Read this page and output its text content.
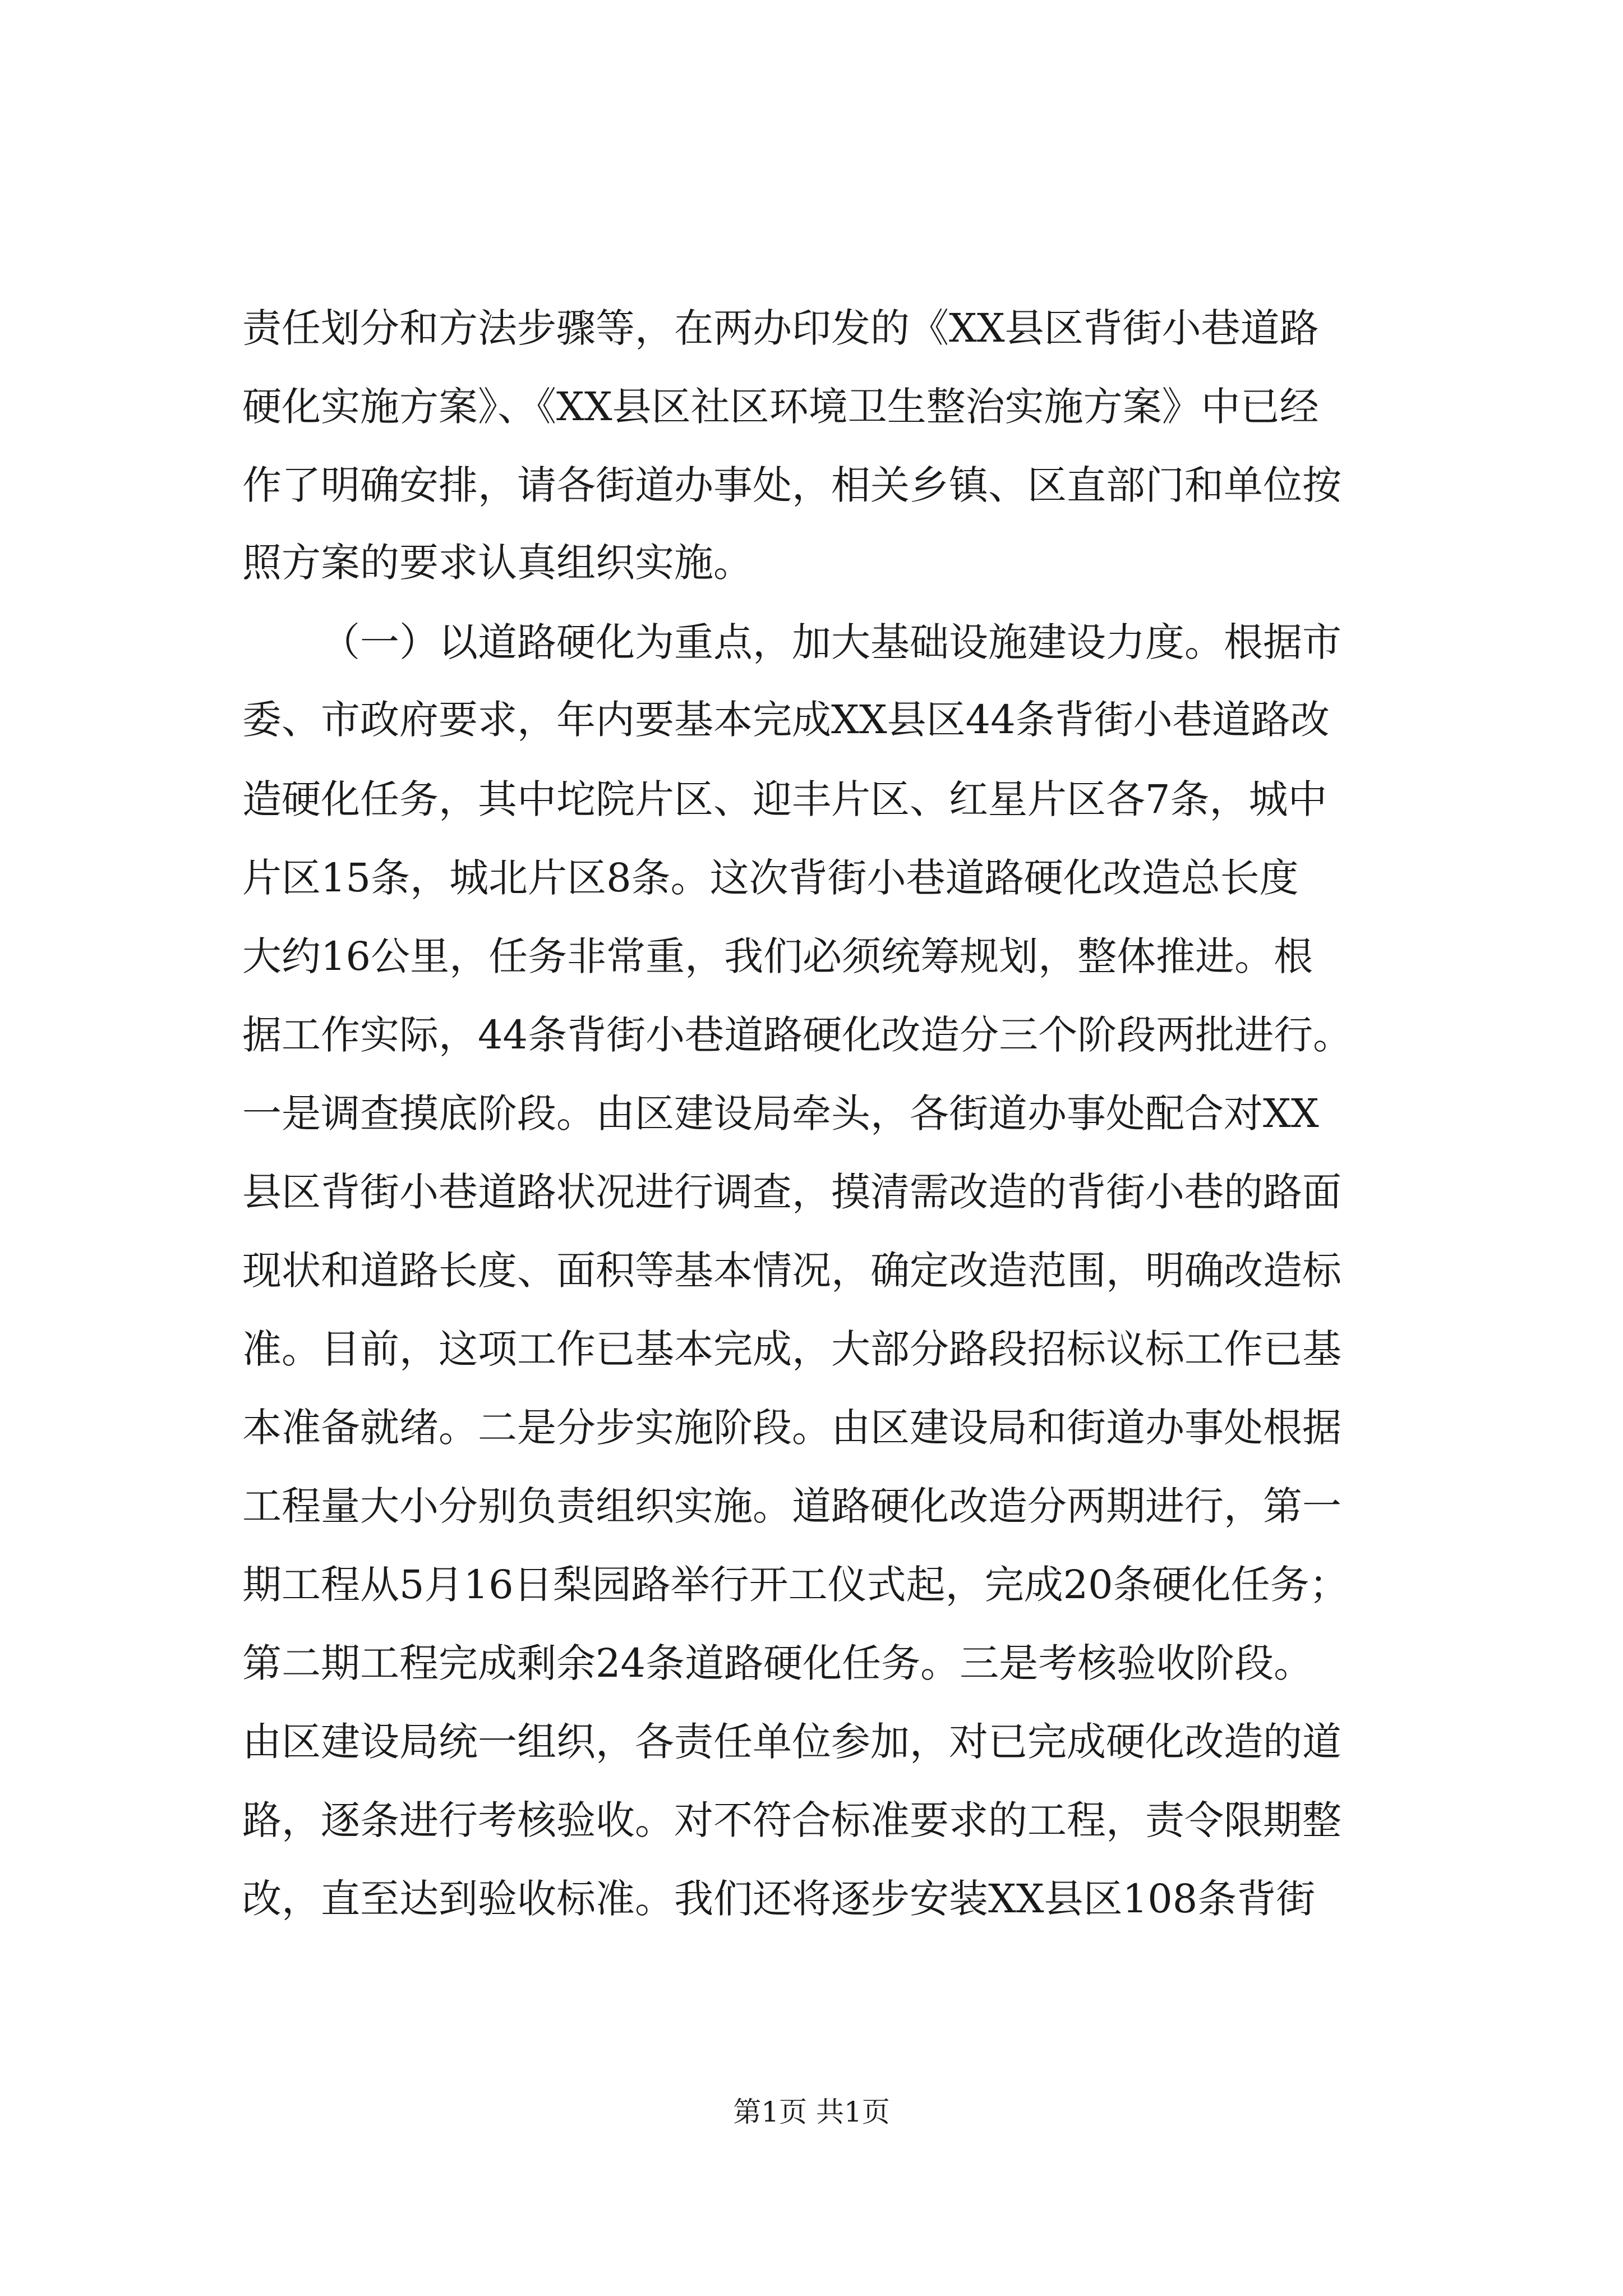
责任划分和方法步骤等，在两办印发的《XX县区背街小巷道路
硬化实施方案》、《XX县区社区环境卫生整治实施方案》中已经
作了明确安排，请各街道办事处，相关乡镇、区直部门和单位按
照方案的要求认真组织实施。
（一）以道路硬化为重点，加大基础设施建设力度。根据市
委、市政府要求，年内要基本完成XX县区44条背街小巷道路改
造硬化任务，其中坨院片区、迎丰片区、红星片区各7条，城中
片区15条，城北片区8条。这次背街小巷道路硬化改造总长度
大约16公里，任务非常重，我们必须统筹规划，整体推进。根
据工作实际，44条背街小巷道路硬化改造分三个阶段两批进行。
一是调查摸底阶段。由区建设局牵头，各街道办事处配合对XX
县区背街小巷道路状况进行调查，摸清需改造的背街小巷的路面
现状和道路长度、面积等基本情况，确定改造范围，明确改造标
准。目前，这项工作已基本完成，大部分路段招标议标工作已基
本准备就绪。二是分步实施阶段。由区建设局和街道办事处根据
工程量大小分别负责组织实施。道路硬化改造分两期进行，第一
期工程从5月16日梨园路举行开工仪式起，完成20条硬化任务；
第二期工程完成剩余24条道路硬化任务。三是考核验收阶段。
由区建设局统一组织，各责任单位参加，对已完成硬化改造的道
路，逐条进行考核验收。对不符合标准要求的工程，责令限期整
改，直至达到验收标准。我们还将逐步安装XX县区108条背街
第1页 共1页
